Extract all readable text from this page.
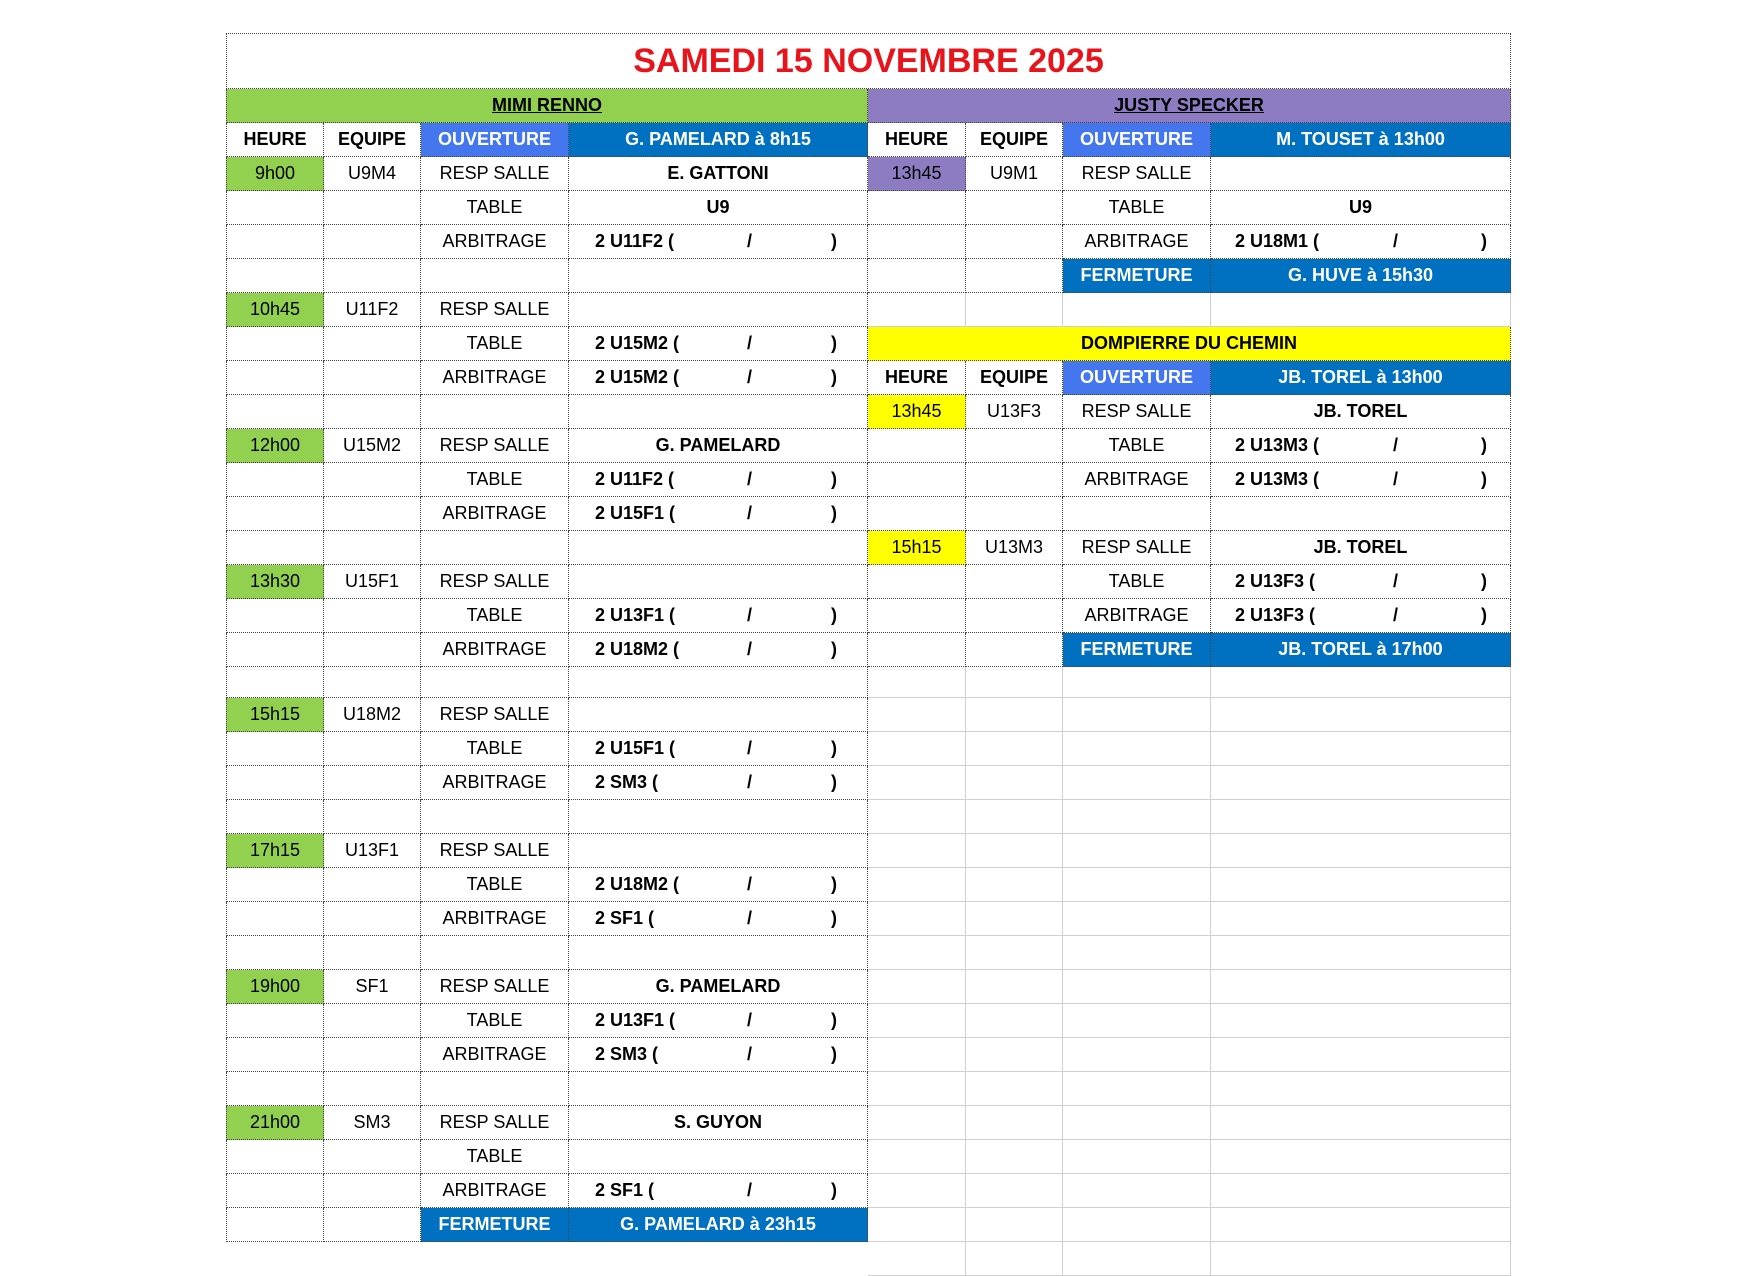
SAMEDI 15 NOVEMBRE 2025
MIMI RENNO	JUSTY SPECKER
HEURE	EQUIPE	OUVERTURE	G. PAMELARD à 8h15	HEURE	EQUIPE	OUVERTURE	M. TOUSET à 13h00
9h00	U9M4	RESP SALLE	E. GATTONI
TABLE	U9
ARBITRAGE	2 U11F2 (	/	)
10h45	U11F2	RESP SALLE
TABLE	2 U15M2 (	/	)
ARBITRAGE	2 U15M2 (	/	)
12h00	U15M2	RESP SALLE	G. PAMELARD
TABLE	2 U11F2 (	/	)
ARBITRAGE	2 U15F1 (	/	)
13h30	U15F1	RESP SALLE
TABLE	2 U13F1 (	/	)
ARBITRAGE	2 U18M2 (	/	)
15h15	U18M2	RESP SALLE
TABLE	2 U15F1 (	/	)
ARBITRAGE	2 SM3 (	/	)
17h15	U13F1	RESP SALLE
TABLE	2 U18M2 (	/	)
ARBITRAGE	2 SF1 (	/	)
19h00	SF1	RESP SALLE	G. PAMELARD
TABLE	2 U13F1 (	/	)
ARBITRAGE	2 SM3 (	/	)
21h00	SM3	RESP SALLE	S. GUYON
TABLE
ARBITRAGE	2 SF1 (	/	)
FERMETURE	G. PAMELARD à 23h15
13h45	U9M1	RESP SALLE
TABLE	U9
ARBITRAGE	2 U18M1 (	/	)
FERMETURE	G. HUVE à 15h30
DOMPIERRE DU CHEMIN
HEURE	EQUIPE	OUVERTURE	JB. TOREL à 13h00
13h45	U13F3	RESP SALLE	JB. TOREL
TABLE	2 U13M3 (	/	)
ARBITRAGE	2 U13M3 (	/	)
15h15	U13M3	RESP SALLE	JB. TOREL
TABLE	2 U13F3 (	/	)
ARBITRAGE	2 U13F3 (	/	)
FERMETURE	JB. TOREL à 17h00
